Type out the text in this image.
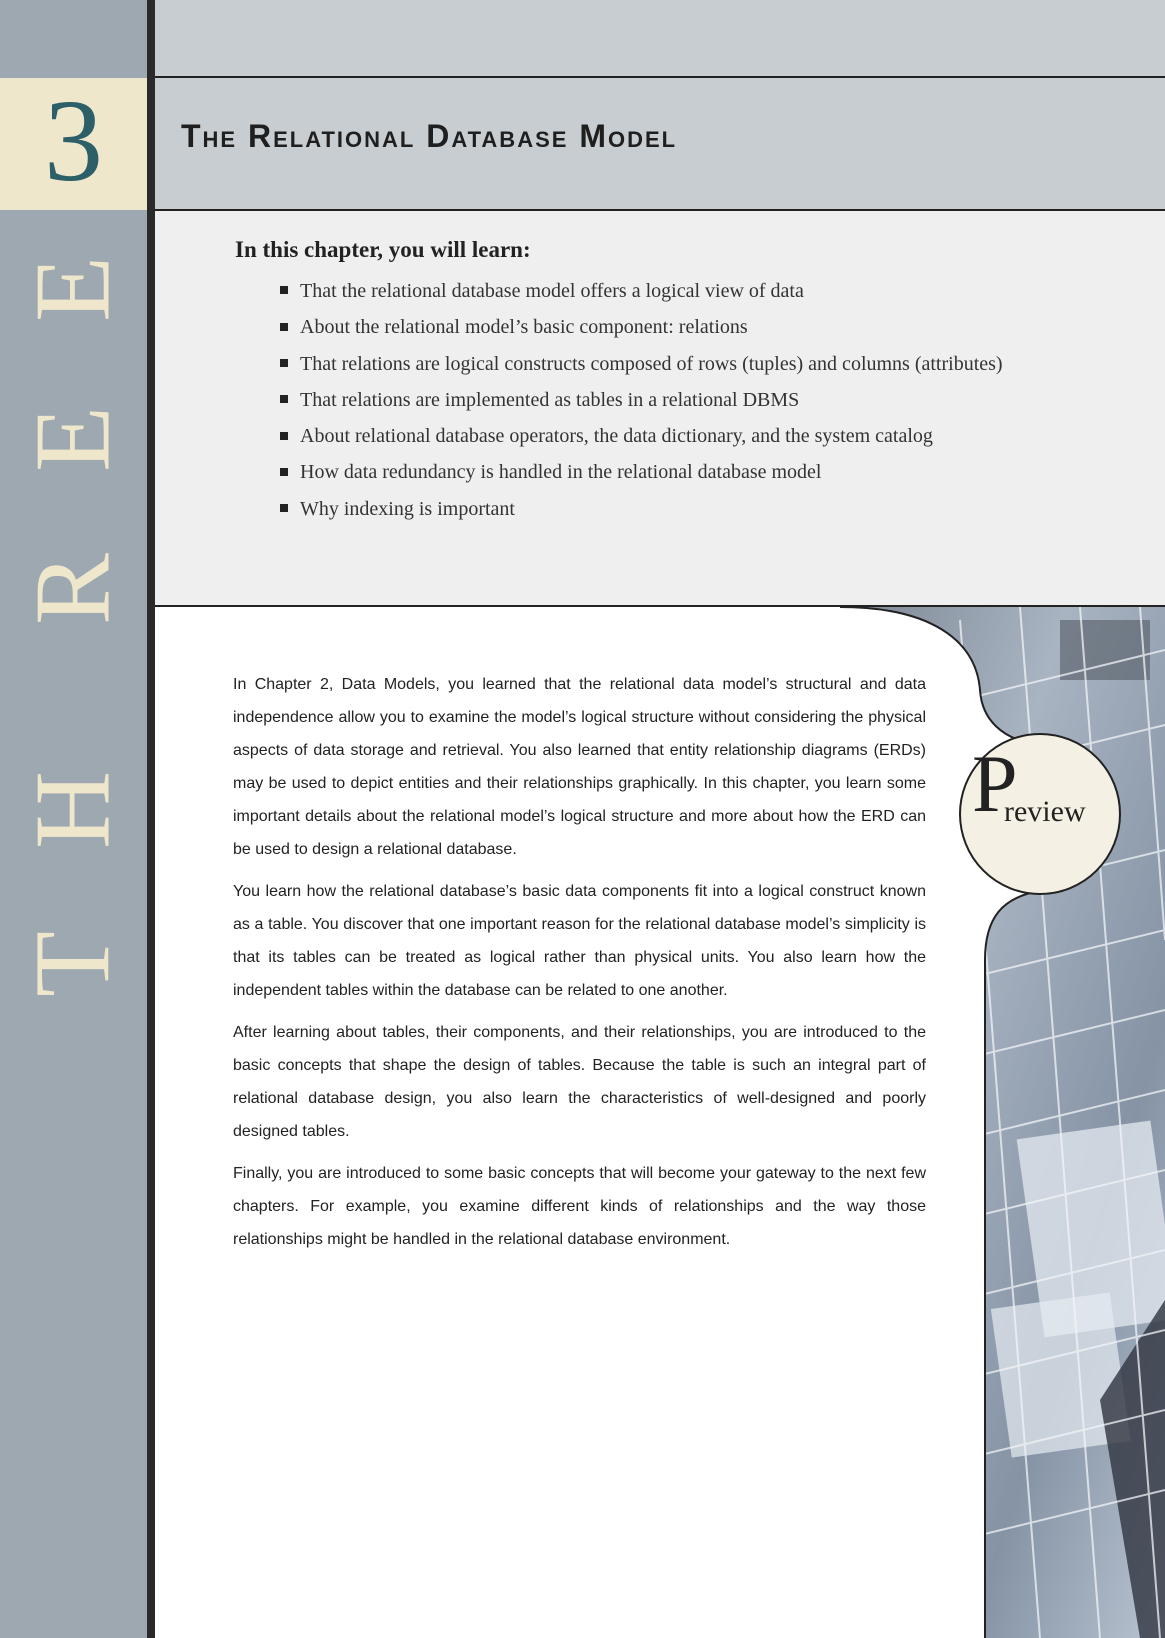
3
T
H
R
E
E
The Relational Database Model
In this chapter, you will learn:
That the relational database model offers a logical view of data
About the relational model’s basic component: relations
That relations are logical constructs composed of rows (tuples) and columns (attributes)
That relations are implemented as tables in a relational DBMS
About relational database operators, the data dictionary, and the system catalog
How data redundancy is handled in the relational database model
Why indexing is important
P
review

In Chapter 2, Data Models, you learned that the relational data model’s structural and data independence allow you to examine the model’s logical structure without considering the physical aspects of data storage and retrieval. You also learned that entity relationship diagrams (ERDs) may be used to depict entities and their relationships graphically. In this chapter, you learn some important details about the relational model’s logical structure and more about how the ERD can be used to design a relational database.

You learn how the relational database’s basic data components fit into a logical construct known as a table. You discover that one important reason for the relational database model’s simplicity is that its tables can be treated as logical rather than physical units. You also learn how the independent tables within the database can be related to one another.

After learning about tables, their components, and their relationships, you are introduced to the basic concepts that shape the design of tables. Because the table is such an integral part of relational database design, you also learn the characteristics of well-designed and poorly designed tables.

Finally, you are introduced to some basic concepts that will become your gateway to the next few chapters. For example, you examine different kinds of relationships and the way those relationships might be handled in the relational database environment.
